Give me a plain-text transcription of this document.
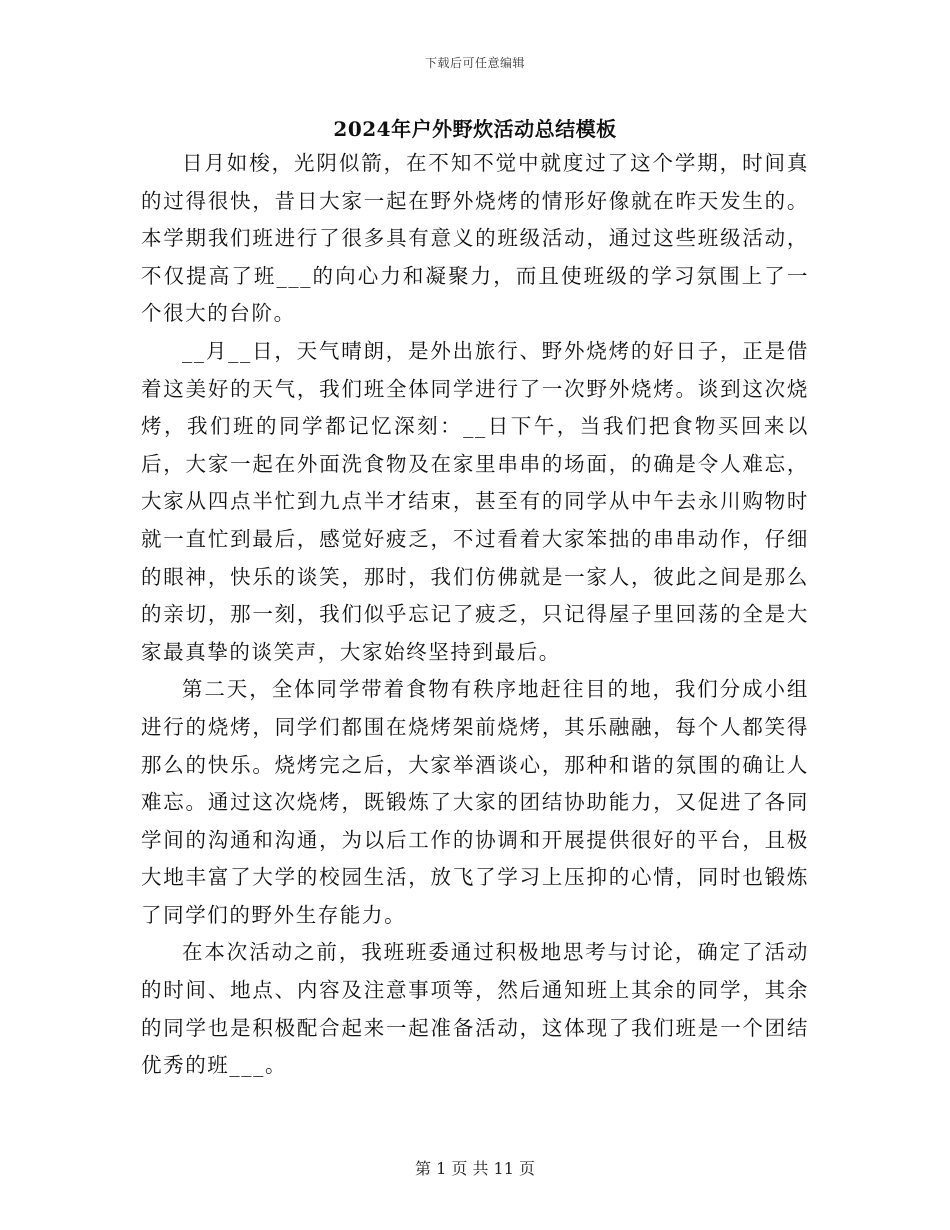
下载后可任意编辑
2024年户外野炊活动总结模板

日月如梭，光阴似箭，在不知不觉中就度过了这个学期，时间真的过得很快，昔日大家一起在野外烧烤的情形好像就在昨天发生的。本学期我们班进行了很多具有意义的班级活动，通过这些班级活动，不仅提高了班___的向心力和凝聚力，而且使班级的学习氛围上了一个很大的台阶。

__月__日，天气晴朗，是外出旅行、野外烧烤的好日子，正是借着这美好的天气，我们班全体同学进行了一次野外烧烤。谈到这次烧烤，我们班的同学都记忆深刻：__日下午，当我们把食物买回来以后，大家一起在外面洗食物及在家里串串的场面，的确是令人难忘，大家从四点半忙到九点半才结束，甚至有的同学从中午去永川购物时就一直忙到最后，感觉好疲乏，不过看着大家笨拙的串串动作，仔细的眼神，快乐的谈笑，那时，我们仿佛就是一家人，彼此之间是那么的亲切，那一刻，我们似乎忘记了疲乏，只记得屋子里回荡的全是大家最真挚的谈笑声，大家始终坚持到最后。

第二天，全体同学带着食物有秩序地赶往目的地，我们分成小组进行的烧烤，同学们都围在烧烤架前烧烤，其乐融融，每个人都笑得那么的快乐。烧烤完之后，大家举酒谈心，那种和谐的氛围的确让人难忘。通过这次烧烤，既锻炼了大家的团结协助能力，又促进了各同学间的沟通和沟通，为以后工作的协调和开展提供很好的平台，且极大地丰富了大学的校园生活，放飞了学习上压抑的心情，同时也锻炼了同学们的野外生存能力。

在本次活动之前，我班班委通过积极地思考与讨论，确定了活动的时间、地点、内容及注意事项等，然后通知班上其余的同学，其余的同学也是积极配合起来一起准备活动，这体现了我们班是一个团结优秀的班___。

第 1 页 共 11 页
